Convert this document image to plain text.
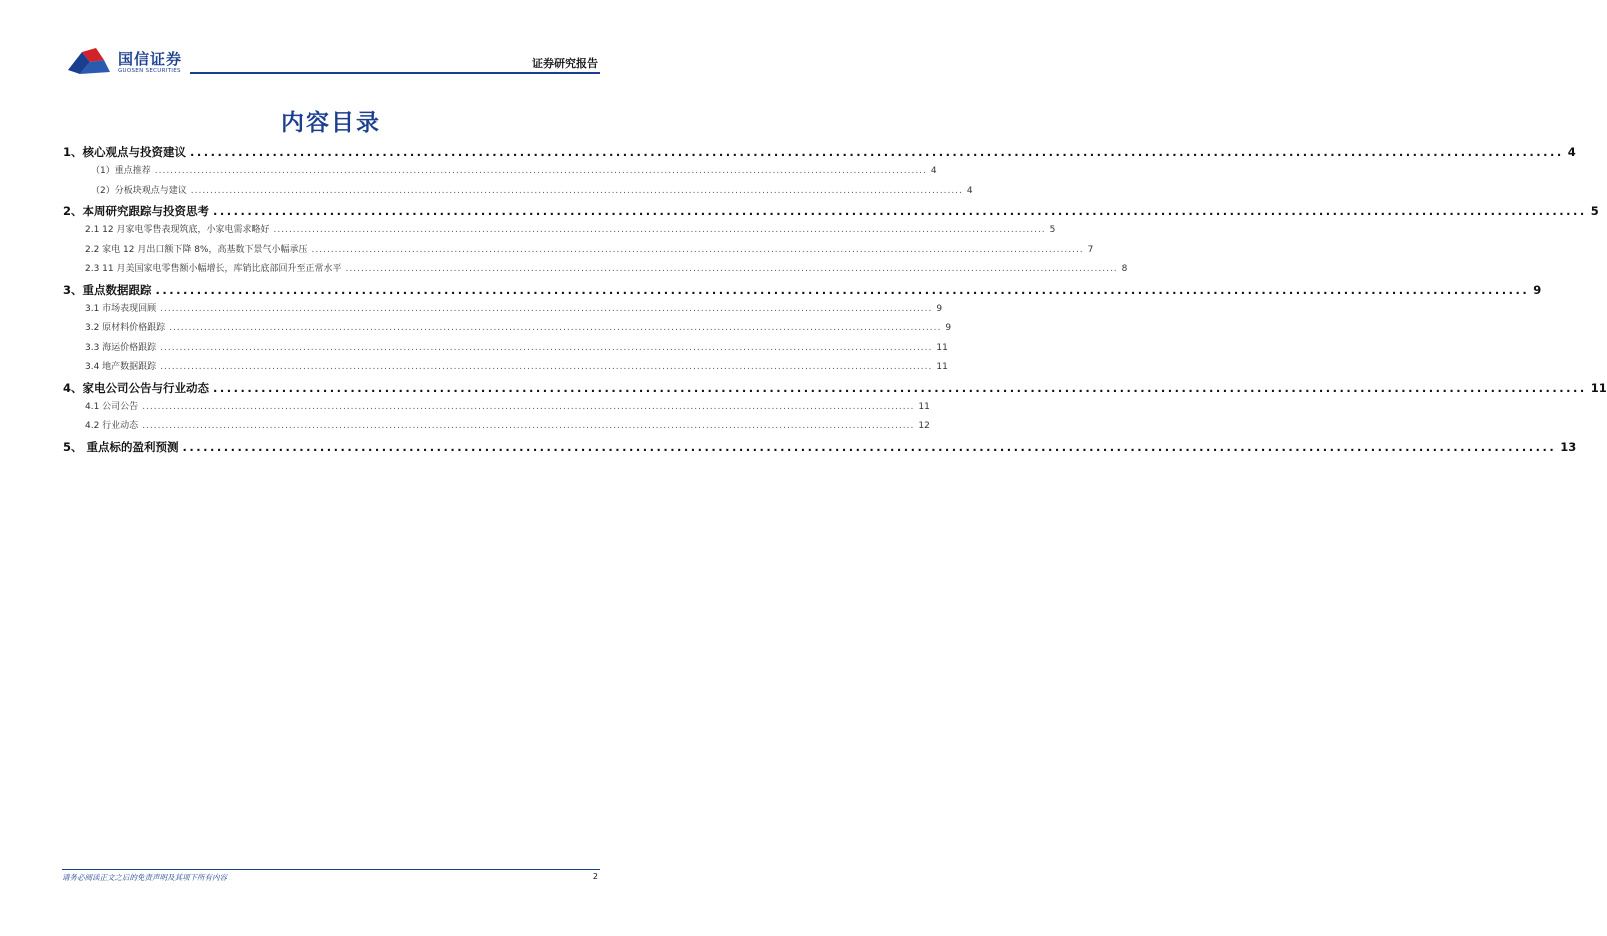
国信证券
GUOSEN SECURITIES
证券研究报告
内容目录
1、核心观点与投资建议 ........................................................................................................................................................................................................ 4
（1）重点推荐 ........................................................................................................................................................................................................ 4
（2）分板块观点与建议 ........................................................................................................................................................................................................ 4
2、本周研究跟踪与投资思考 ........................................................................................................................................................................................................ 5
2.1 12 月家电零售表现筑底，小家电需求略好 ........................................................................................................................................................................................................ 5
2.2 家电 12 月出口额下降 8%，高基数下景气小幅承压 ........................................................................................................................................................................................................ 7
2.3 11 月美国家电零售额小幅增长，库销比底部回升至正常水平 ........................................................................................................................................................................................................ 8
3、重点数据跟踪 ........................................................................................................................................................................................................ 9
3.1 市场表现回顾 ........................................................................................................................................................................................................ 9
3.2 原材料价格跟踪 ........................................................................................................................................................................................................ 9
3.3 海运价格跟踪 ........................................................................................................................................................................................................ 11
3.4 地产数据跟踪 ........................................................................................................................................................................................................ 11
4、家电公司公告与行业动态 ........................................................................................................................................................................................................ 11
4.1 公司公告 ........................................................................................................................................................................................................ 11
4.2 行业动态 ........................................................................................................................................................................................................ 12
5、 重点标的盈利预测 ........................................................................................................................................................................................................ 13
请务必阅读正文之后的免责声明及其项下所有内容	2
